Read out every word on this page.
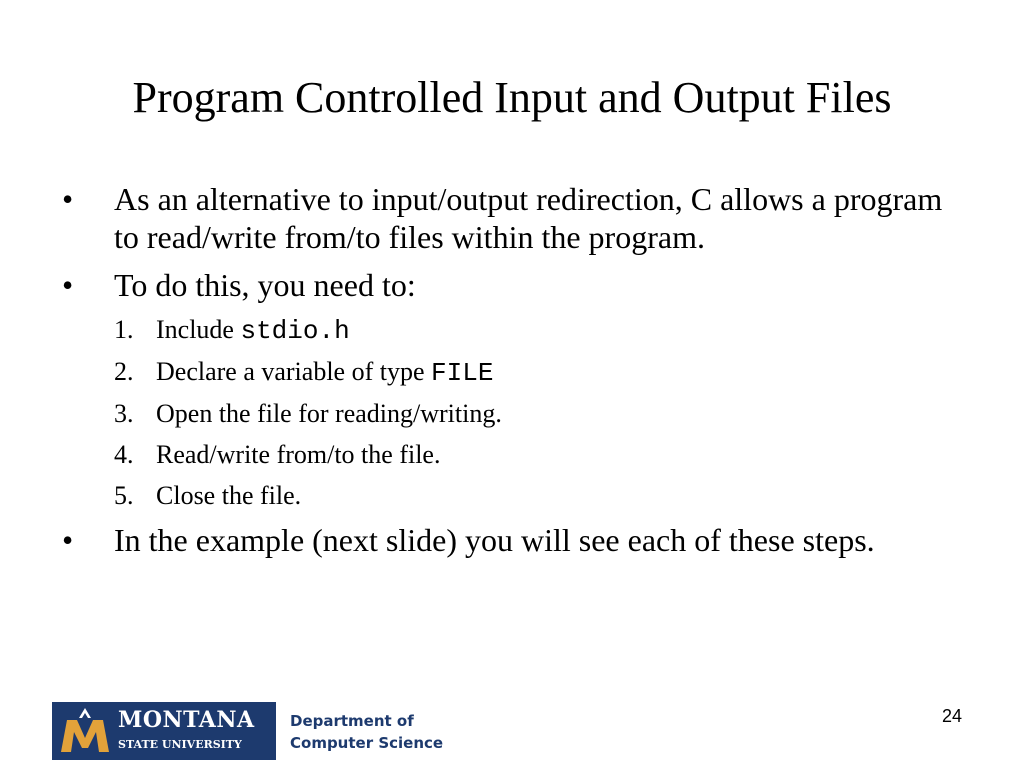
Program Controlled Input and Output Files
• As an alternative to input/output redirection, C allows a program to read/write from/to files within the program.
• To do this, you need to:
1. Include stdio.h
2. Declare a variable of type FILE
3. Open the file for reading/writing.
4. Read/write from/to the file.
5. Close the file.
• In the example (next slide) you will see each of these steps.
MONTANA
STATE UNIVERSITY
Department of
Computer Science
24
